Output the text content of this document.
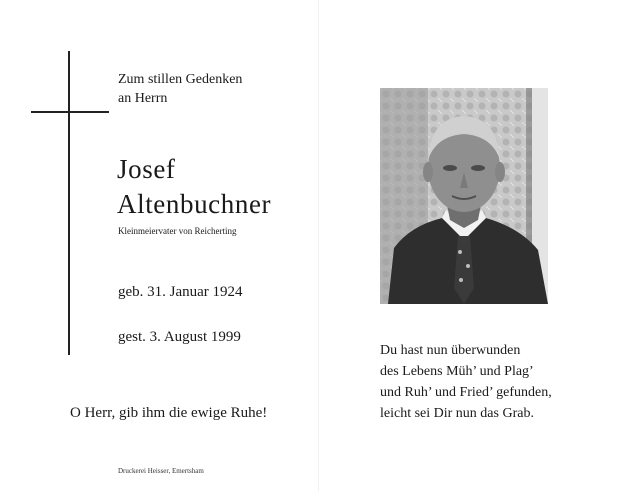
Zum stillen Gedenken
an Herrn
Josef
Altenbuchner
Kleinmeiervater von Reicherting
geb. 31. Januar 1924
gest. 3. August 1999
O Herr, gib ihm die ewige Ruhe!
Druckerei Heisser, Emertsham
Du hast nun überwunden
des Lebens Müh’ und Plag’
und Ruh’ und Fried’ gefunden,
leicht sei Dir nun das Grab.
